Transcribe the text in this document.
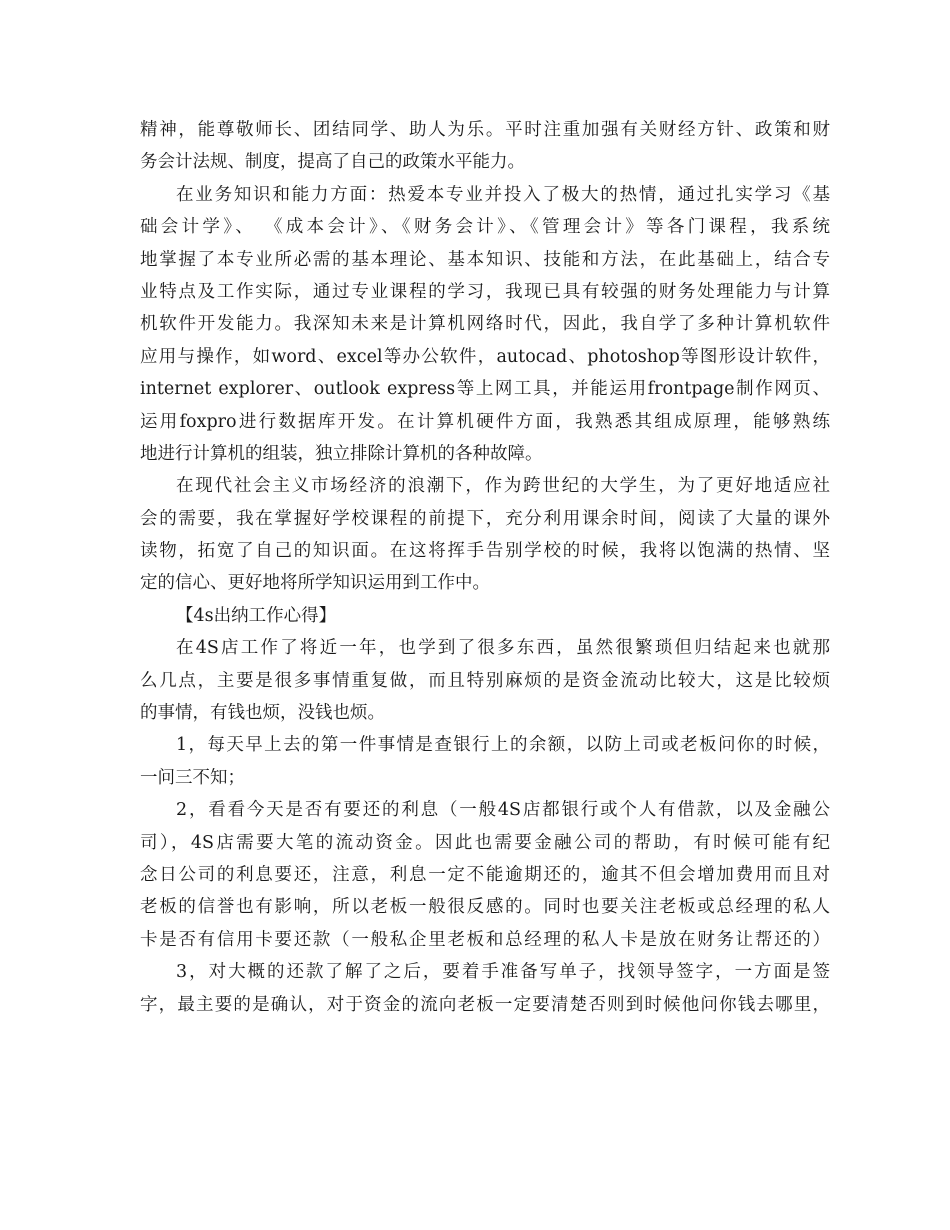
精神，能尊敬师长、团结同学、助人为乐。平时注重加强有关财经方针、政策和财
务会计法规、制度，提高了自己的政策水平能力。
在业务知识和能力方面：热爱本专业并投入了极大的热情，通过扎实学习《基
础会计学》、 《成本会计》、《财务会计》、《管理会计》等各门课程，我系统
地掌握了本专业所必需的基本理论、基本知识、技能和方法，在此基础上，结合专
业特点及工作实际，通过专业课程的学习，我现已具有较强的财务处理能力与计算
机软件开发能力。我深知未来是计算机网络时代，因此，我自学了多种计算机软件
应用与操作，如word、excel等办公软件，autocad、photoshop等图形设计软件，
internet explorer、outlook express等上网工具，并能运用frontpage制作网页、
运用foxpro进行数据库开发。在计算机硬件方面，我熟悉其组成原理，能够熟练
地进行计算机的组装，独立排除计算机的各种故障。
在现代社会主义市场经济的浪潮下，作为跨世纪的大学生，为了更好地适应社
会的需要，我在掌握好学校课程的前提下，充分利用课余时间，阅读了大量的课外
读物，拓宽了自己的知识面。在这将挥手告别学校的时候，我将以饱满的热情、坚
定的信心、更好地将所学知识运用到工作中。
【4s出纳工作心得】
在4S店工作了将近一年，也学到了很多东西，虽然很繁琐但归结起来也就那
么几点，主要是很多事情重复做，而且特别麻烦的是资金流动比较大，这是比较烦
的事情，有钱也烦，没钱也烦。
1，每天早上去的第一件事情是查银行上的余额，以防上司或老板问你的时候，
一问三不知；
2，看看今天是否有要还的利息（一般4S店都银行或个人有借款，以及金融公
司），4S店需要大笔的流动资金。因此也需要金融公司的帮助，有时候可能有纪
念日公司的利息要还，注意，利息一定不能逾期还的，逾其不但会增加费用而且对
老板的信誉也有影响，所以老板一般很反感的。同时也要关注老板或总经理的私人
卡是否有信用卡要还款（一般私企里老板和总经理的私人卡是放在财务让帮还的）
3，对大概的还款了解了之后，要着手准备写单子，找领导签字，一方面是签
字，最主要的是确认，对于资金的流向老板一定要清楚否则到时候他问你钱去哪里，
